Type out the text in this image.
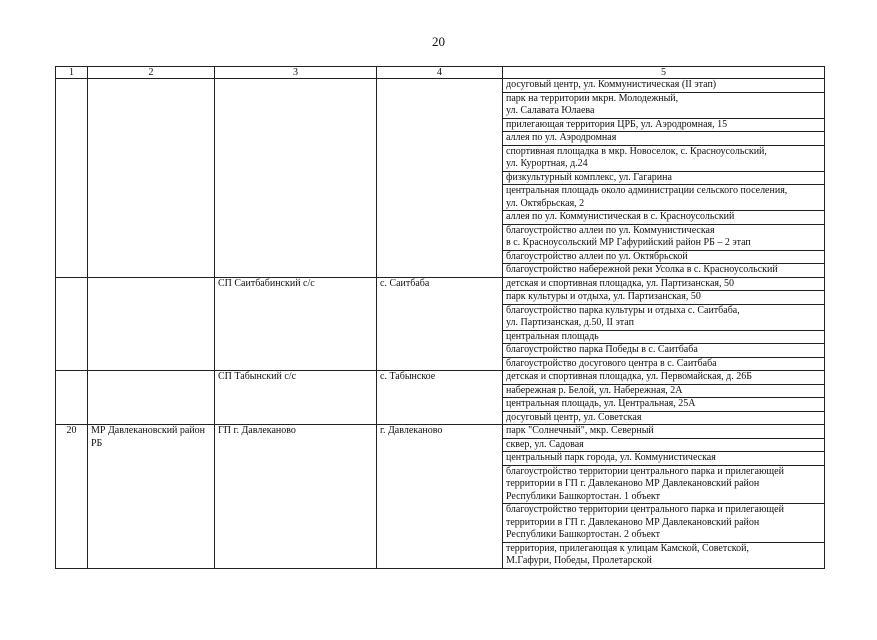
20
1	2	3	4	5

				досуговый центр, ул. Коммунистическая (II этап)

				парк на территории мкрн. Молодежный,
ул. Салавата Юлаева

				прилегающая территория ЦРБ, ул. Аэродромная, 15

				аллея по ул. Аэродромная

				спортивная площадка в мкр. Новоселок, с. Красноусольский,
ул. Курортная, д.24

				физкультурный комплекс, ул. Гагарина

				центральная площадь около администрации сельского поселения,
ул. Октябрьская, 2

				аллея по ул. Коммунистическая в с. Красноусольский

				благоустройство аллеи по ул. Коммунистическая
в с. Красноусольский МР Гафурийский район РБ – 2 этап

				благоустройство аллеи по ул. Октябрьской

				благоустройство набережной реки Усолка в с. Красноусольский

		СП Саитбабинский с/с	с. Саитбаба	детская и спортивная площадка, ул. Партизанская, 50

				парк культуры и отдыха, ул. Партизанская, 50

				благоустройство парка культуры и отдыха с. Саитбаба,
ул. Партизанская, д.50, II этап

				центральная площадь

				благоустройство парка Победы в с. Саитбаба

				благоустройство досугового центра в с. Саитбаба

		СП Табынский с/с	с. Табынское	детская и спортивная площадка, ул. Первомайская, д. 26Б

				набережная р. Белой, ул. Набережная, 2А

				центральная площадь, ул. Центральная, 25А

				досуговый центр, ул. Советская

20	МР Давлекановский район РБ	ГП г. Давлеканово	г. Давлеканово	парк "Солнечный", мкр. Северный

				сквер, ул. Садовая

				центральный парк города, ул. Коммунистическая

				благоустройство территории центрального парка и прилегающей
территории в ГП г. Давлеканово МР Давлекановский район
Республики Башкортостан. 1 объект

				благоустройство территории центрального парка и прилегающей
территории в ГП г. Давлеканово МР Давлекановский район
Республики Башкортостан. 2 объект

				территория, прилегающая к улицам Камской, Советской,
М.Гафури, Победы, Пролетарской
